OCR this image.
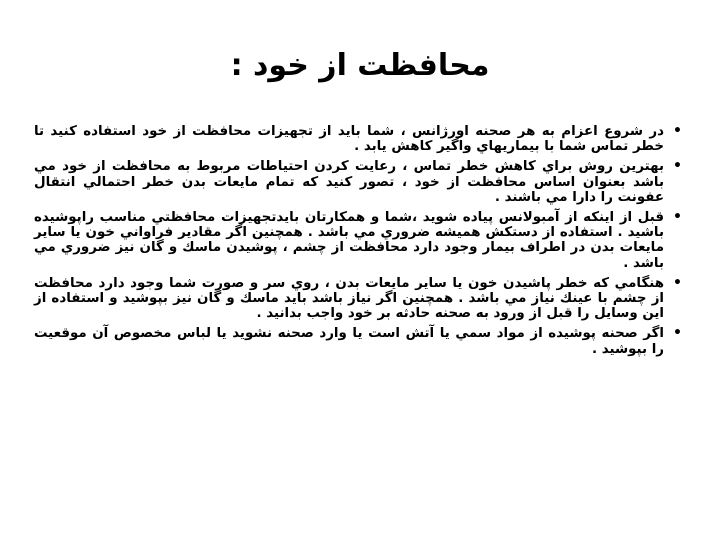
محافظت از خود :
•
در شروع اعزام به هر صحنه اورژانس ، شما بايد از تجهيزات محافظت از خود استفاده كنيد تا خطر تماس شما با بيماريهاي واگير كاهش يابد .
•
بهترين روش براي كاهش خطر تماس ، رعايت كردن احتياطات مربوط به محافظت از خود مي باشد بعنوان اساس محافظت از خود ، تصور كنيد كه تمام مايعات بدن خطر احتمالي انتقال عفونت را دارا مي باشند .
•
قبل از اينكه از آمبولانس پياده شويد ،شما و همكارتان بايدتجهيزات محافظتي مناسب راپوشيده باشيد . استفاده از دستكش هميشه ضروري مي باشد . همچنين اگر مقادير فراواني خون يا ساير مايعات بدن در اطراف بيمار وجود دارد محافظت از چشم ، پوشيدن ماسك و گان نيز ضروري مي باشد .
•
هنگامي كه خطر پاشيدن خون يا ساير مايعات بدن ، روي سر و صورت شما وجود دارد محافظت از چشم با عينك نياز مي باشد . همچنين اگر نياز باشد بايد ماسك و گان نيز بپوشيد و استفاده از اين وسايل را قبل از ورود به صحنه حادثه بر خود واجب بدانيد .
•
اگر صحنه پوشيده از مواد سمي يا آتش است يا وارد صحنه نشويد يا لباس مخصوص آن موقعيت را بپوشيد .
